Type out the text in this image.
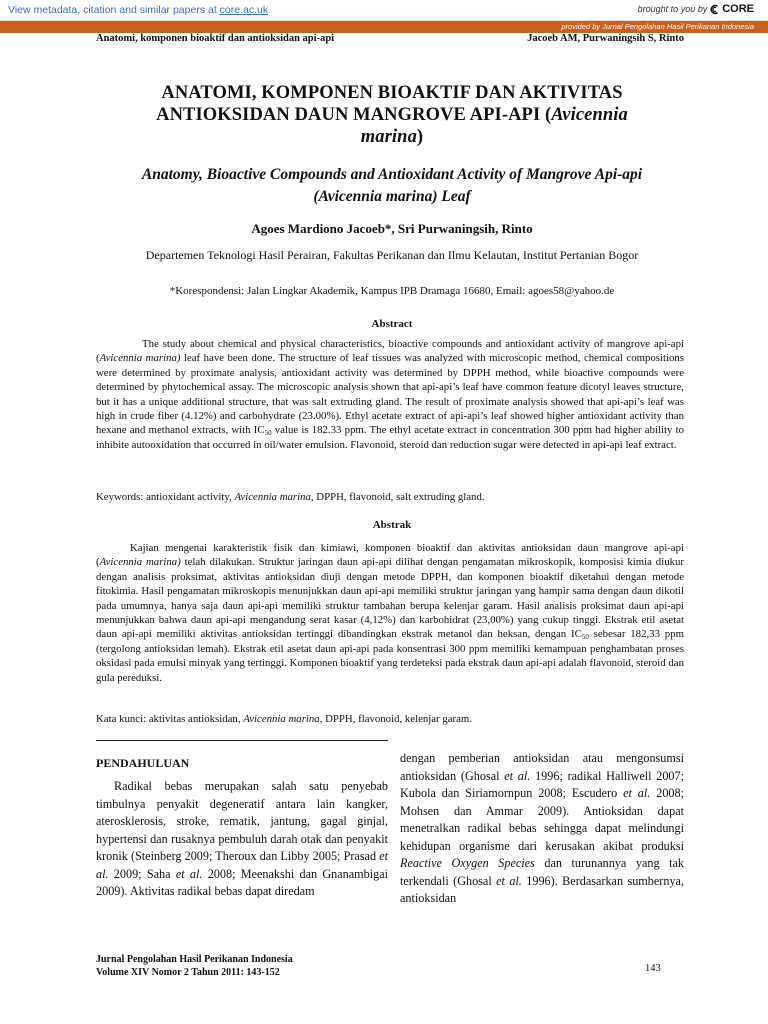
View metadata, citation and similar papers at core.ac.uk	brought to you by CORE
provided by Jurnal Pengolahan Hasil Perikanan Indonesia
Anatomi, komponen bioaktif dan antioksidan api-api	Jacoeb AM, Purwaningsih S, Rinto
ANATOMI, KOMPONEN BIOAKTIF DAN AKTIVITAS
ANTIOKSIDAN DAUN MANGROVE API-API (Avicennia
marina)
Anatomy, Bioactive Compounds and Antioxidant Activity of Mangrove Api-api
(Avicennia marina) Leaf
Agoes Mardiono Jacoeb*, Sri Purwaningsih, Rinto
Departemen Teknologi Hasil Perairan, Fakultas Perikanan dan Ilmu Kelautan, Institut Pertanian Bogor
*Korespondensi: Jalan Lingkar Akademik, Kampus IPB Dramaga 16680, Email: agoes58@yahoo.de
Abstract
The study about chemical and physical characteristics, bioactive compounds and antioxidant activity of mangrove api-api (Avicennia marina) leaf have been done. The structure of leaf tissues was analyzed with microscopic method, chemical compositions were determined by proximate analysis, antioxidant activity was determined by DPPH method, while bioactive compounds were determined by phytochemical assay. The microscopic analysis shown that api-api’s leaf have common feature dicotyl leaves structure, but it has a unique additional structure, that was salt extruding gland. The result of proximate analysis showed that api-api’s leaf was high in crude fiber (4.12%) and carbohydrate (23.00%). Ethyl acetate extract of api-api’s leaf showed higher antioxidant activity than hexane and methanol extracts, with $IC_{50}$ value is 182.33 ppm. The ethyl acetate extract in concentration 300 ppm had higher ability to inhibite autooxidation that occurred in oil/water emulsion. Flavonoid, steroid dan reduction sugar were detected in api-api leaf extract.
Keywords: antioxidant activity, Avicennia marina, DPPH, flavonoid, salt extruding gland.
Abstrak
Kajian mengenai karakteristik fisik dan kimiawi, komponen bioaktif dan aktivitas antioksidan daun mangrove api-api (Avicennia marina) telah dilakukan. Struktur jaringan daun api-api dilihat dengan pengamatan mikroskopik, komposisi kimia diukur dengan analisis proksimat, aktivitas antioksidan diuji dengan metode DPPH, dan komponen bioaktif diketahui dengan metode fitokimia. Hasil pengamatan mikroskopis menunjukkan daun api-api memiliki struktur jaringan yang hampir sama dengan daun dikotil pada umumnya, hanya saja daun api-api memiliki struktur tambahan berupa kelenjar garam. Hasil analisis proksimat daun api-api menunjukkan bahwa daun api-api mengandung serat kasar (4,12%) dan karbohidrat (23,00%) yang cukup tinggi. Ekstrak etil asetat daun api-api memiliki aktivitas antioksidan tertinggi dibandingkan ekstrak metanol dan heksan, dengan $IC_{50}$ sebesar 182,33 ppm (tergolong antioksidan lemah). Ekstrak etil asetat daun api-api pada konsentrasi 300 ppm memiliki kemampuan penghambatan proses oksidasi pada emulsi minyak yang tertinggi. Komponen bioaktif yang terdeteksi pada ekstrak daun api-api adalah flavonoid, steroid dan gula pereduksi.
Kata kunci: aktivitas antioksidan, Avicennia marina, DPPH, flavonoid, kelenjar garam.
PENDAHULUAN
Radikal bebas merupakan salah satu penyebab timbulnya penyakit degeneratif antara lain kangker, aterosklerosis, stroke, rematik, jantung, gagal ginjal, hypertensi dan rusaknya pembuluh darah otak dan penyakit kronik (Steinberg 2009; Theroux dan Libby 2005; Prasad et al. 2009; Saha et al. 2008; Meenakshi dan Gnanambigai 2009). Aktivitas radikal bebas dapat diredam
dengan pemberian antioksidan atau mengonsumsi antioksidan (Ghosal et al. 1996; radikal Halliwell 2007; Kubola dan Siriamornpun 2008; Escudero et al. 2008; Mohsen dan Ammar 2009). Antioksidan dapat menetralkan radikal bebas sehingga dapat melindungi kehidupan organisme dari kerusakan akibat produksi Reactive Oxygen Species dan turunannya yang tak terkendali (Ghosal et al. 1996). Berdasarkan sumbernya, antioksidan
Jurnal Pengolahan Hasil Perikanan Indonesia
Volume XIV Nomor 2 Tahun 2011: 143-152	143
